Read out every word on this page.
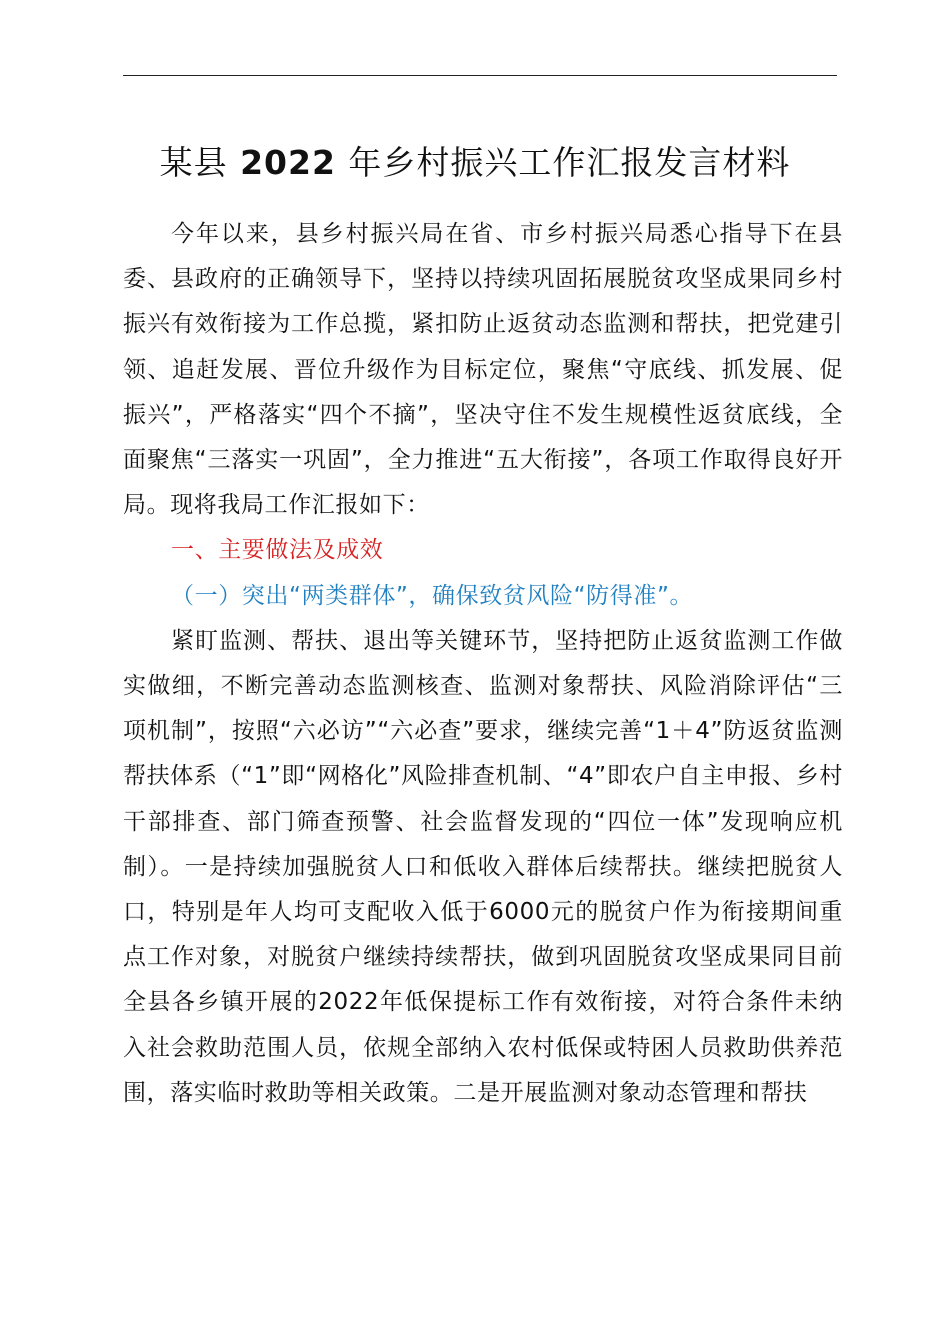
某县 2022 年乡村振兴工作汇报发言材料

今年以来，县乡村振兴局在省、市乡村振兴局悉心指导下在县委、县政府的正确领导下，坚持以持续巩固拓展脱贫攻坚成果同乡村振兴有效衔接为工作总揽，紧扣防止返贫动态监测和帮扶，把党建引领、追赶发展、晋位升级作为目标定位，聚焦“守底线、抓发展、促振兴”，严格落实“四个不摘”，坚决守住不发生规模性返贫底线，全面聚焦“三落实一巩固”，全力推进“五大衔接”，各项工作取得良好开局。现将我局工作汇报如下：

一、主要做法及成效

（一）突出“两类群体”，确保致贫风险“防得准”。

紧盯监测、帮扶、退出等关键环节，坚持把防止返贫监测工作做实做细，不断完善动态监测核查、监测对象帮扶、风险消除评估“三项机制”，按照“六必访”“六必查”要求，继续完善“1＋4”防返贫监测帮扶体系（“1”即“网格化”风险排查机制、“4”即农户自主申报、乡村干部排查、部门筛查预警、社会监督发现的“四位一体”发现响应机制）。一是持续加强脱贫人口和低收入群体后续帮扶。继续把脱贫人口，特别是年人均可支配收入低于6000元的脱贫户作为衔接期间重点工作对象，对脱贫户继续持续帮扶，做到巩固脱贫攻坚成果同目前全县各乡镇开展的2022年低保提标工作有效衔接，对符合条件未纳入社会救助范围人员，依规全部纳入农村低保或特困人员救助供养范围，落实临时救助等相关政策。二是开展监测对象动态管理和帮扶
